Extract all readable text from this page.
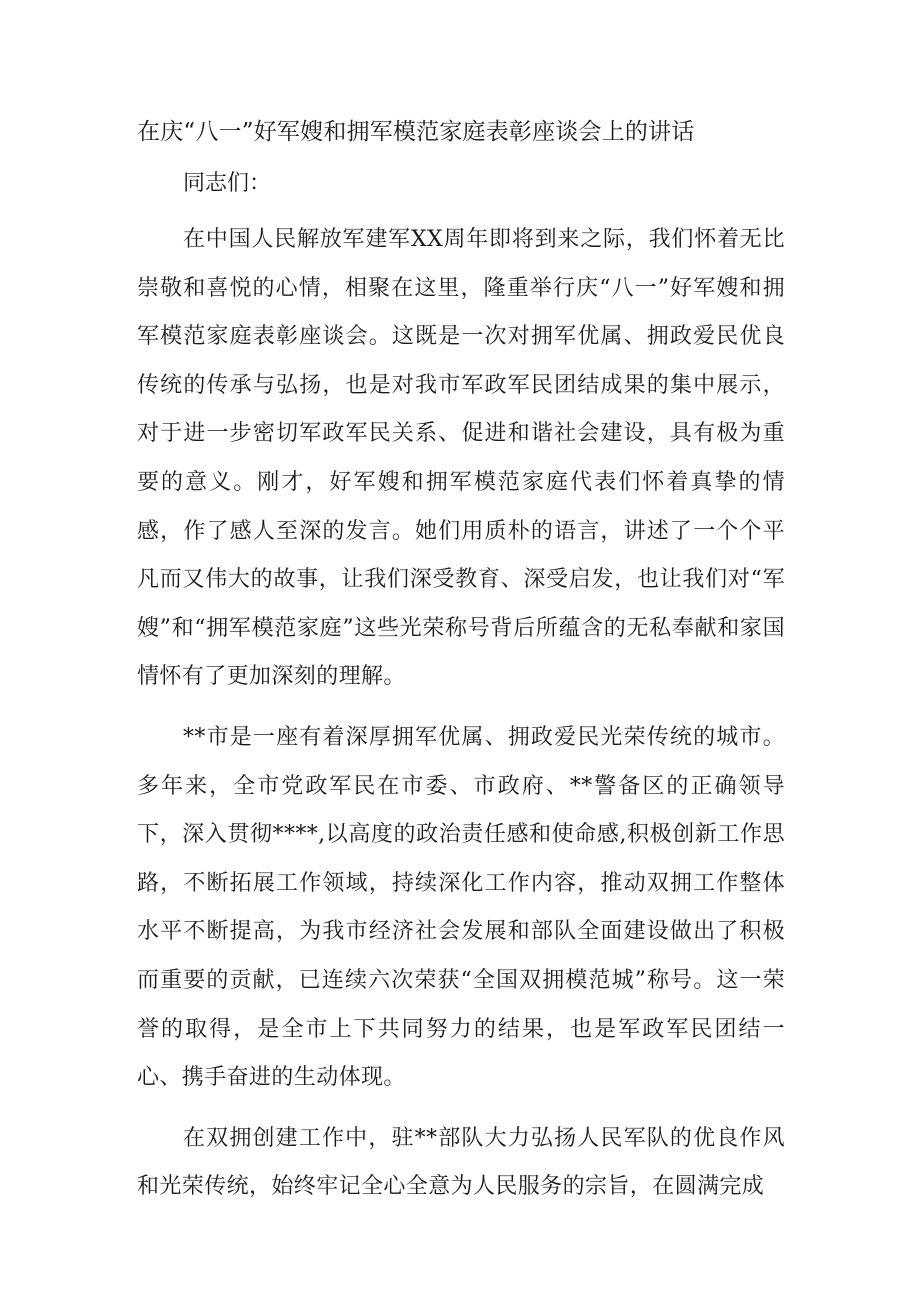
在庆“八一”好军嫂和拥军模范家庭表彰座谈会上的讲话

同志们：

在中国人民解放军建军XX周年即将到来之际，我们怀着无比崇敬和喜悦的心情，相聚在这里，隆重举行庆“八一”好军嫂和拥军模范家庭表彰座谈会。这既是一次对拥军优属、拥政爱民优良传统的传承与弘扬，也是对我市军政军民团结成果的集中展示，对于进一步密切军政军民关系、促进和谐社会建设，具有极为重要的意义。刚才，好军嫂和拥军模范家庭代表们怀着真挚的情感，作了感人至深的发言。她们用质朴的语言，讲述了一个个平凡而又伟大的故事，让我们深受教育、深受启发，也让我们对“军嫂”和“拥军模范家庭”这些光荣称号背后所蕴含的无私奉献和家国情怀有了更加深刻的理解。

**市是一座有着深厚拥军优属、拥政爱民光荣传统的城市。多年来，全市党政军民在市委、市政府、**警备区的正确领导下，深入贯彻****,以高度的政治责任感和使命感,积极创新工作思路，不断拓展工作领域，持续深化工作内容，推动双拥工作整体水平不断提高，为我市经济社会发展和部队全面建设做出了积极而重要的贡献，已连续六次荣获“全国双拥模范城”称号。这一荣誉的取得，是全市上下共同努力的结果，也是军政军民团结一心、携手奋进的生动体现。

在双拥创建工作中，驻**部队大力弘扬人民军队的优良作风和光荣传统，始终牢记全心全意为人民服务的宗旨，在圆满完成
